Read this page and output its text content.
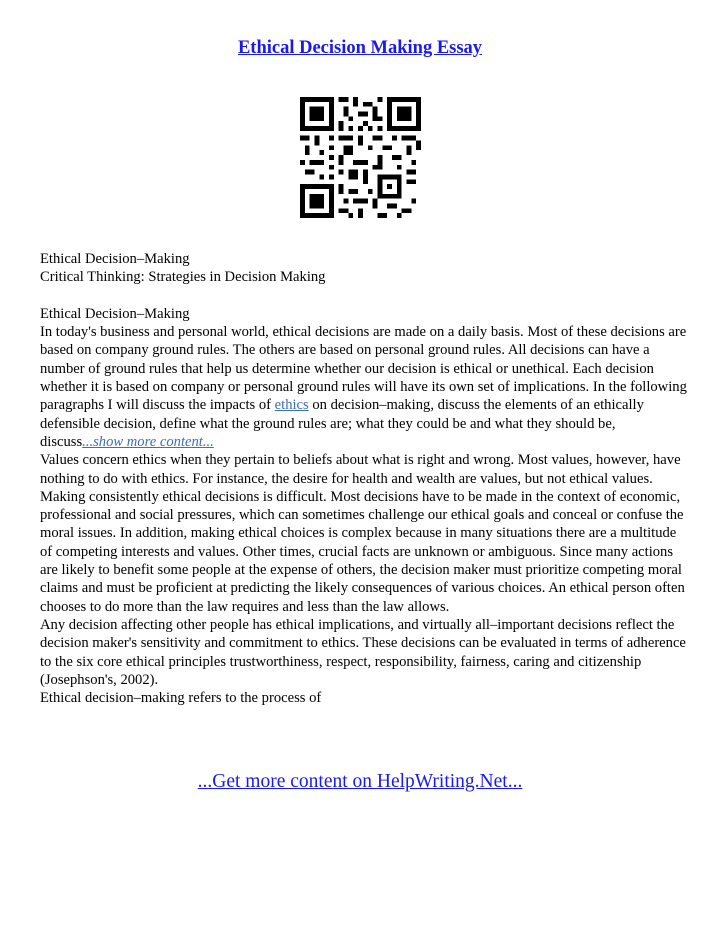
Ethical Decision Making Essay

Ethical Decision–Making

Critical Thinking: Strategies in Decision Making

Ethical Decision–Making

In today's business and personal world, ethical decisions are made on a daily basis. Most of these decisions are based on company ground rules. The others are based on personal ground rules. All decisions can have a number of ground rules that help us determine whether our decision is ethical or unethical. Each decision whether it is based on company or personal ground rules will have its own set of implications. In the following paragraphs I will discuss the impacts of ethics on decision–making, discuss the elements of an ethically defensible decision, define what the ground rules are; what they could be and what they should be, discuss...show more content...

Values concern ethics when they pertain to beliefs about what is right and wrong. Most values, however, have nothing to do with ethics. For instance, the desire for health and wealth are values, but not ethical values.

Making consistently ethical decisions is difficult. Most decisions have to be made in the context of economic, professional and social pressures, which can sometimes challenge our ethical goals and conceal or confuse the moral issues. In addition, making ethical choices is complex because in many situations there are a multitude of competing interests and values. Other times, crucial facts are unknown or ambiguous. Since many actions are likely to benefit some people at the expense of others, the decision maker must prioritize competing moral claims and must be proficient at predicting the likely consequences of various choices. An ethical person often chooses to do more than the law requires and less than the law allows.

Any decision affecting other people has ethical implications, and virtually all–important decisions reflect the decision maker's sensitivity and commitment to ethics. These decisions can be evaluated in terms of adherence to the six core ethical principles trustworthiness, respect, responsibility, fairness, caring and citizenship (Josephson's, 2002).

Ethical decision–making refers to the process of

...Get more content on HelpWriting.Net...
